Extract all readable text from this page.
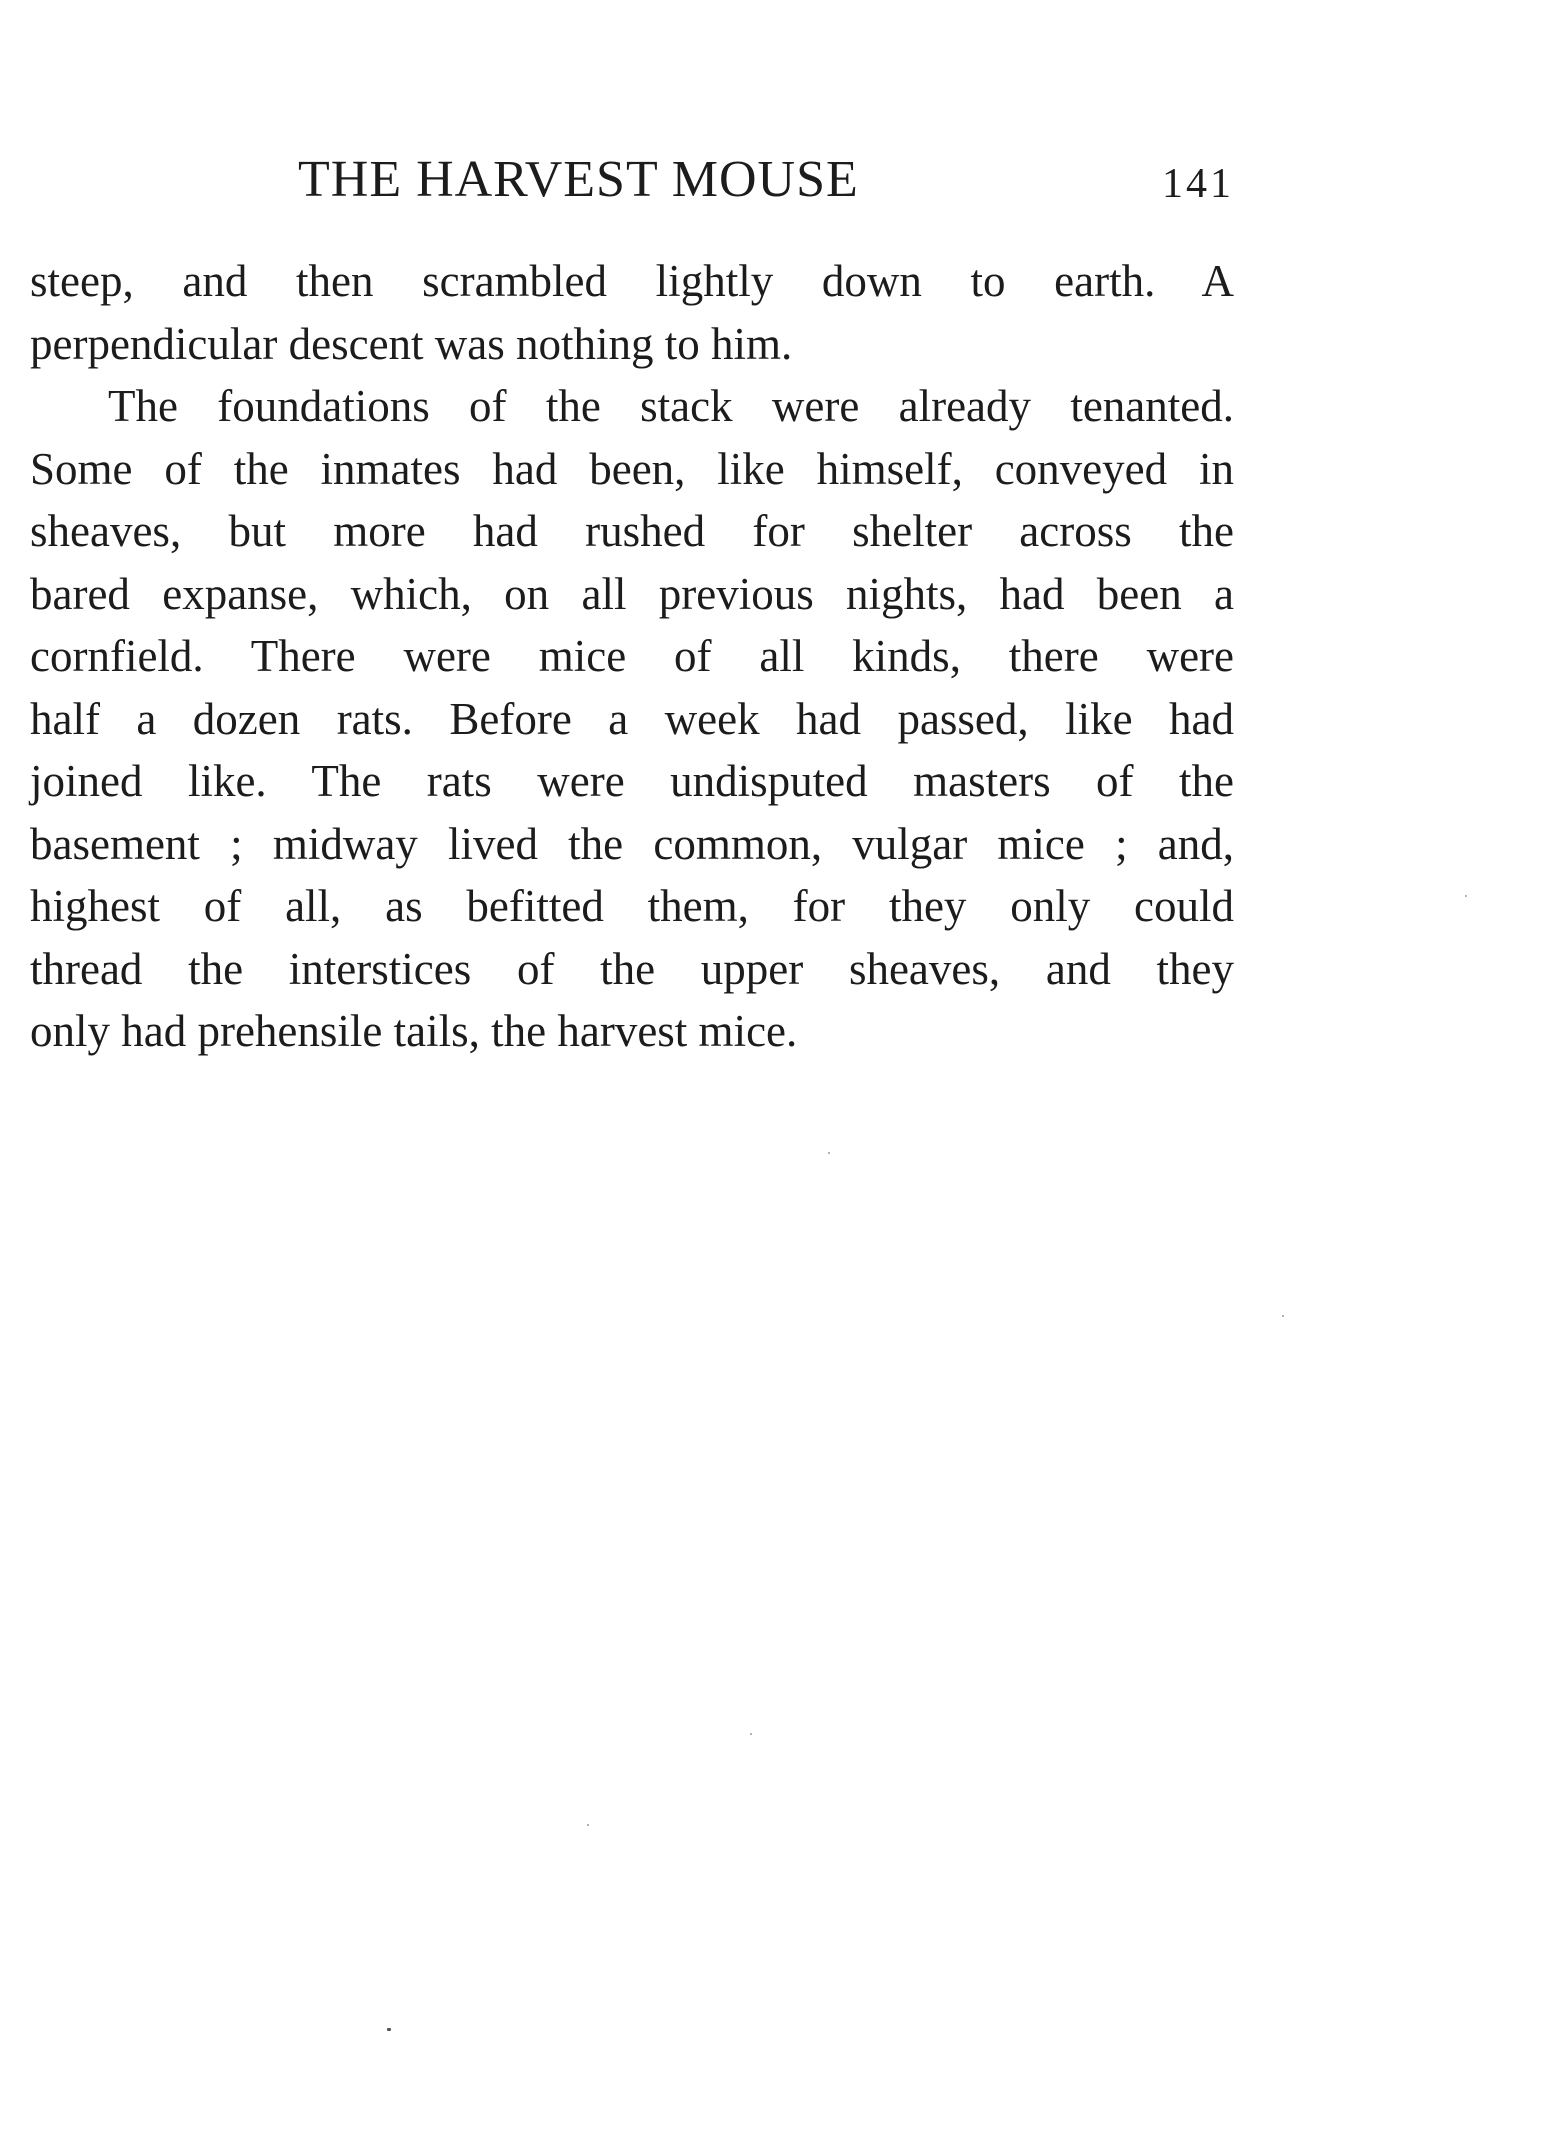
THE HARVEST MOUSE	141
steep, and then scrambled lightly down to earth. A
perpendicular descent was nothing to him.
The foundations of the stack were already tenanted.
Some of the inmates had been, like himself, conveyed in
sheaves, but more had rushed for shelter across the
bared expanse, which, on all previous nights, had been a
cornfield. There were mice of all kinds, there were
half a dozen rats. Before a week had passed, like had
joined like. The rats were undisputed masters of the
basement ; midway lived the common, vulgar mice ; and,
highest of all, as befitted them, for they only could
thread the interstices of the upper sheaves, and they
only had prehensile tails, the harvest mice.
